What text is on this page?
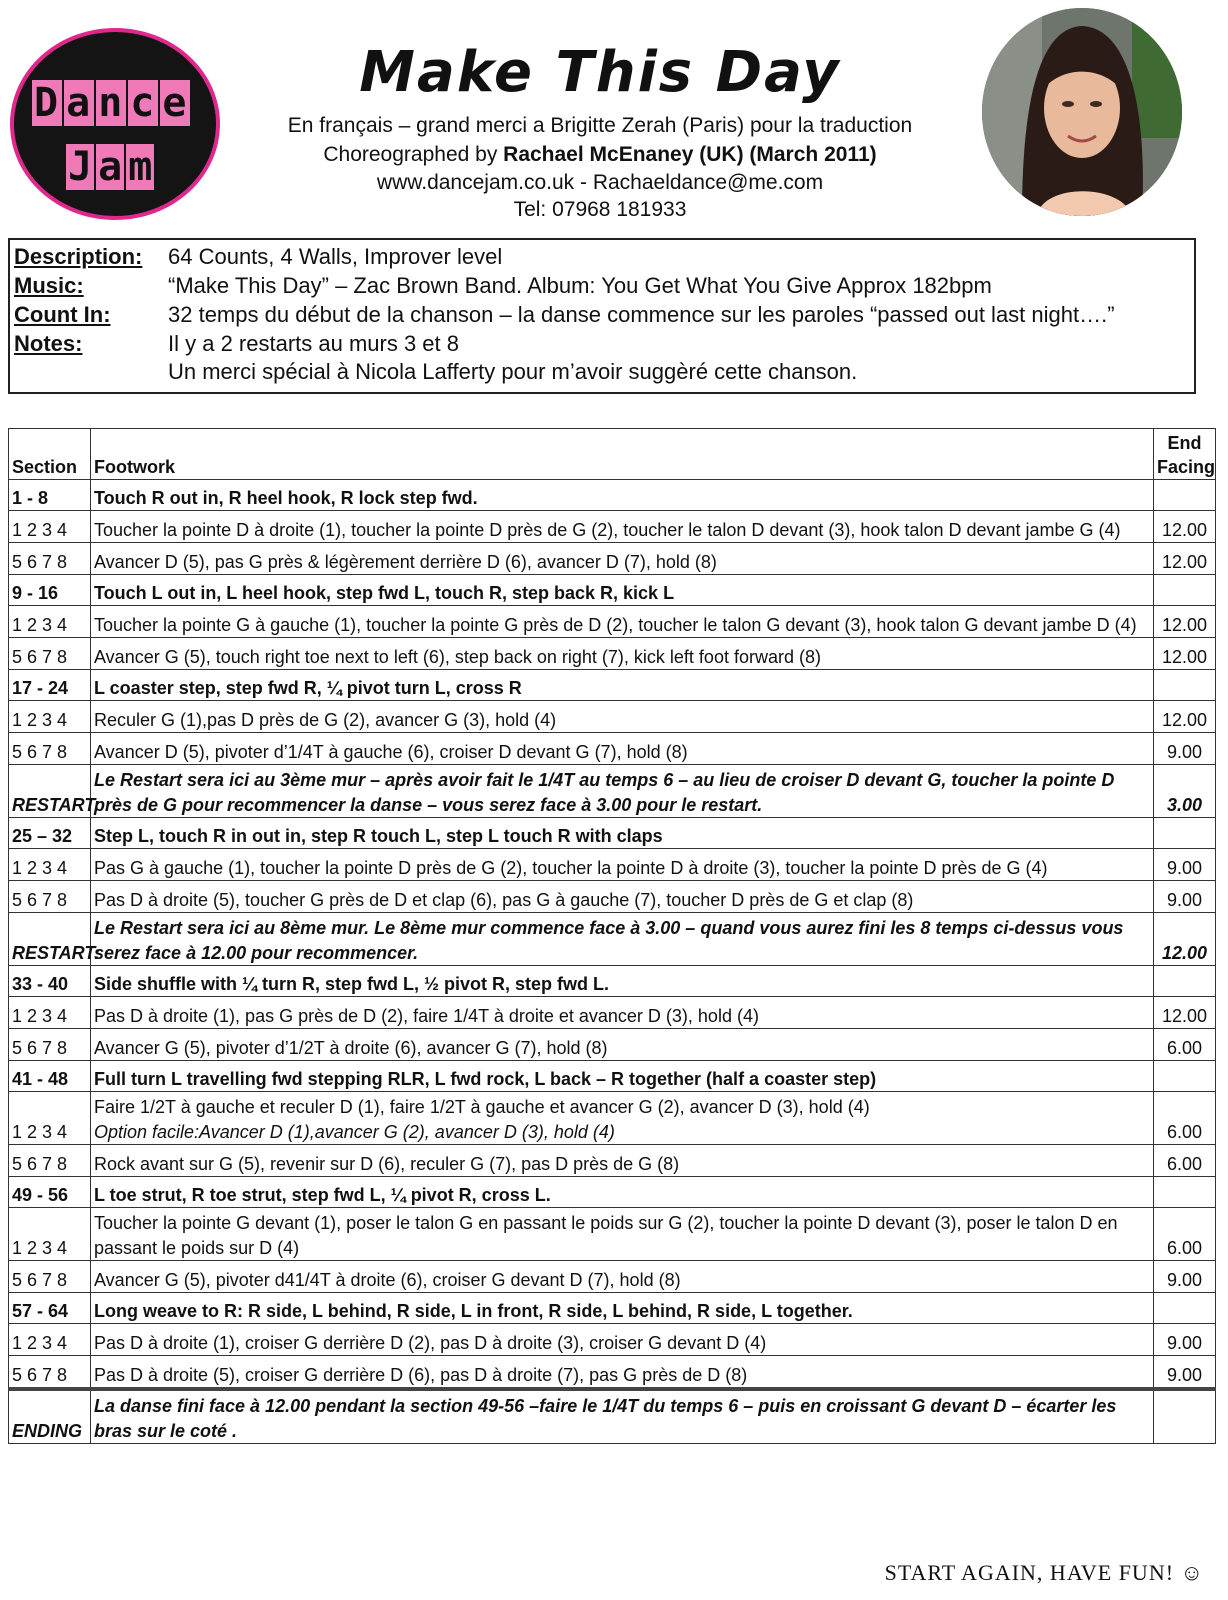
D a n c e
J a m
Make This Day
En français – grand merci a Brigitte Zerah (Paris) pour la traduction
Choreographed by Rachael McEnaney (UK) (March 2011)
www.dancejam.co.uk - Rachaeldance@me.com
Tel: 07968 181933
Description: 64 Counts, 4 Walls, Improver level
Music:	“Make This Day” – Zac Brown Band. Album: You Get What You Give Approx 182bpm
Count In:	32 temps du début de la chanson – la danse commence sur les paroles “passed out last night….”
Notes:	Il y a 2 restarts au murs 3 et 8
Un merci spécial à Nicola Lafferty pour m’avoir suggèré cette chanson.
Section	Footwork	End
Facing
1 - 8	Touch R out in, R heel hook, R lock step fwd.	
1 2 3 4	Toucher la pointe D à droite (1), toucher la pointe D près de G (2), toucher le talon D devant (3), hook talon D devant jambe G (4)	12.00
5 6 7 8	Avancer D (5), pas G près & légèrement derrière D (6), avancer D (7), hold (8)	12.00
9 - 16	Touch L out in, L heel hook, step fwd L, touch R, step back R, kick L	
1 2 3 4	Toucher la pointe G à gauche (1), toucher la pointe G près de D (2), toucher le talon G devant (3), hook talon G devant jambe D (4)	12.00
5 6 7 8	Avancer G (5), touch right toe next to left (6), step back on right (7), kick left foot forward (8)	12.00
17 - 24	L coaster step, step fwd R, ¼ pivot turn L, cross R	
1 2 3 4	Reculer G (1),pas D près de G (2), avancer G (3), hold (4)	12.00
5 6 7 8	Avancer D (5), pivoter d’1/4T à gauche (6), croiser D devant G (7), hold (8)	9.00
RESTART:	Le Restart sera ici au 3ème mur – après avoir fait le 1/4T au temps 6 – au lieu de croiser D devant G, toucher la pointe D près de G pour recommencer la danse – vous serez face à 3.00 pour le restart.	3.00
25 – 32	Step L, touch R in out in, step R touch L, step L touch R with claps	
1 2 3 4	Pas G à gauche (1), toucher la pointe D près de G (2), toucher la pointe D à droite (3), toucher la pointe D près de G (4)	9.00
5 6 7 8	Pas D à droite (5), toucher G près de D et clap (6), pas G à gauche (7), toucher D près de G et clap (8)	9.00
RESTART:	Le Restart sera ici au 8ème mur. Le 8ème mur commence face à 3.00 – quand vous aurez fini les 8 temps ci-dessus vous serez face à 12.00 pour recommencer.	12.00
33 - 40	Side shuffle with ¼ turn R, step fwd L, ½ pivot R, step fwd L.	
1 2 3 4	Pas D à droite (1), pas G près de D (2), faire 1/4T à droite et avancer D (3), hold (4)	12.00
5 6 7 8	Avancer G (5), pivoter d’1/2T à droite (6), avancer G (7), hold (8)	6.00
41 - 48	Full turn L travelling fwd stepping RLR, L fwd rock, L back – R together (half a coaster step)	
1 2 3 4	Faire 1/2T à gauche et reculer D (1), faire 1/2T à gauche et avancer G (2), avancer D (3), hold (4)
Option facile:Avancer D (1),avancer G (2), avancer D (3), hold (4)	6.00
5 6 7 8	Rock avant sur G (5), revenir sur D (6), reculer G (7), pas D près de G (8)	6.00
49 - 56	L toe strut, R toe strut, step fwd L, ¼ pivot R, cross L.	
1 2 3 4	Toucher la pointe G devant (1), poser le talon G en passant le poids sur G (2), toucher la pointe D devant (3), poser le talon D en passant le poids sur D (4)	6.00
5 6 7 8	Avancer G (5), pivoter d41/4T à droite (6), croiser G devant D (7), hold (8)	9.00
57 - 64	Long weave to R: R side, L behind, R side, L in front, R side, L behind, R side, L together.	
1 2 3 4	Pas D à droite (1), croiser G derrière D (2), pas D à droite (3), croiser G devant D (4)	9.00
5 6 7 8	Pas D à droite (5), croiser G derrière D (6), pas D à droite (7), pas G près de D (8)	9.00
ENDING	La danse fini face à 12.00 pendant la section 49-56 –faire le 1/4T du temps 6 – puis en croissant G devant D – écarter les bras sur le coté .	
START AGAIN, HAVE FUN! ☺
